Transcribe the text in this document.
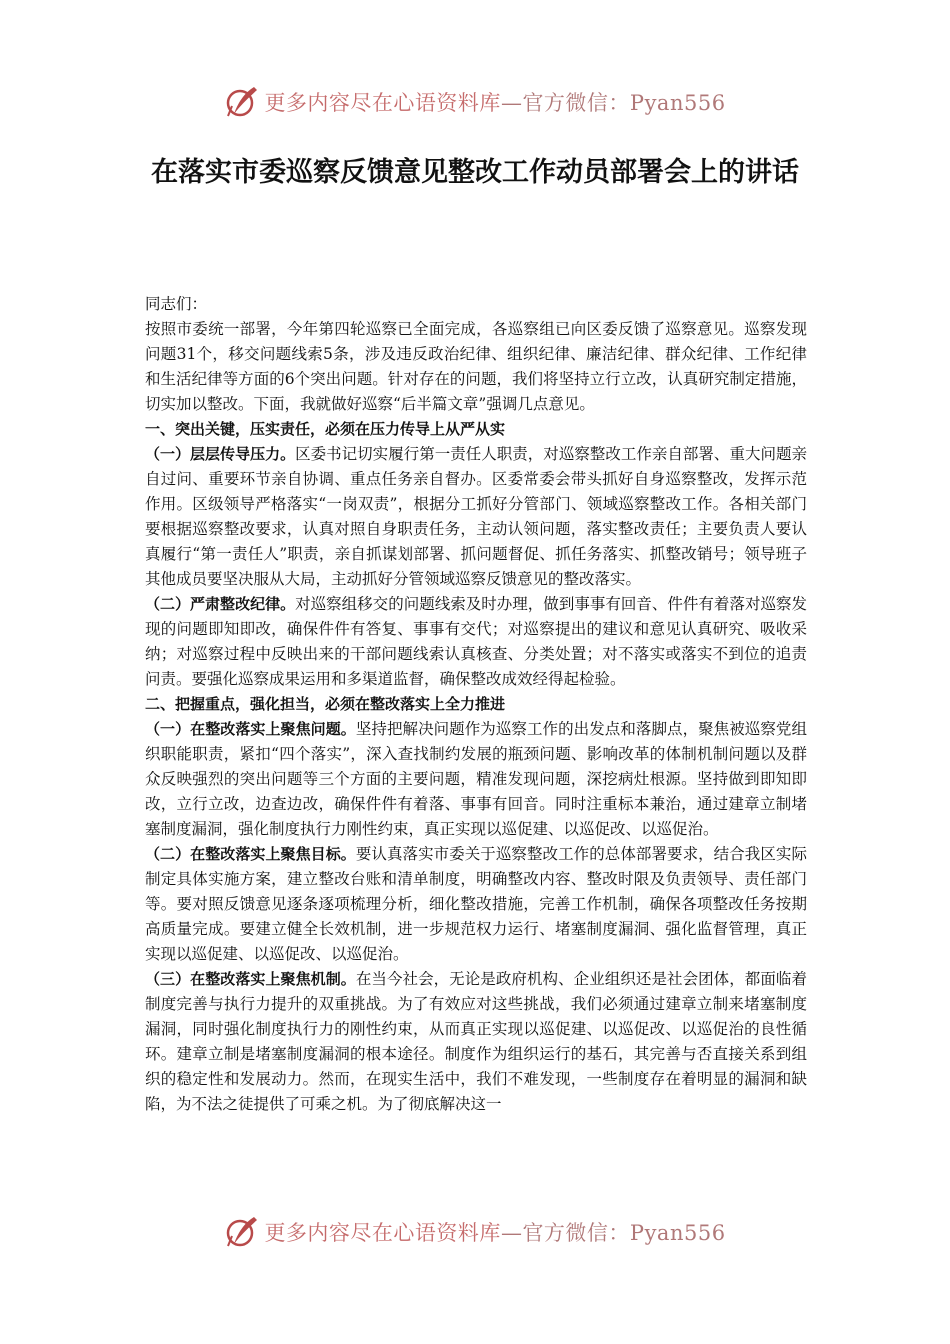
更多内容尽在心语资料库—官方微信：Pyan556
在落实市委巡察反馈意见整改工作动员部署会上的讲话

同志们：

按照市委统一部署，今年第四轮巡察已全面完成，各巡察组已向区委反馈了巡察意见。巡察发现问题31个，移交问题线索5条，涉及违反政治纪律、组织纪律、廉洁纪律、群众纪律、工作纪律和生活纪律等方面的6个突出问题。针对存在的问题，我们将坚持立行立改，认真研究制定措施，切实加以整改。下面，我就做好巡察“后半篇文章”强调几点意见。

一、突出关键，压实责任，必须在压力传导上从严从实

（一）层层传导压力。区委书记切实履行第一责任人职责，对巡察整改工作亲自部署、重大问题亲自过问、重要环节亲自协调、重点任务亲自督办。区委常委会带头抓好自身巡察整改，发挥示范作用。区级领导严格落实“一岗双责”，根据分工抓好分管部门、领域巡察整改工作。各相关部门要根据巡察整改要求，认真对照自身职责任务，主动认领问题，落实整改责任；主要负责人要认真履行“第一责任人”职责，亲自抓谋划部署、抓问题督促、抓任务落实、抓整改销号；领导班子其他成员要坚决服从大局，主动抓好分管领域巡察反馈意见的整改落实。

（二）严肃整改纪律。对巡察组移交的问题线索及时办理，做到事事有回音、件件有着落对巡察发现的问题即知即改，确保件件有答复、事事有交代；对巡察提出的建议和意见认真研究、吸收采纳；对巡察过程中反映出来的干部问题线索认真核查、分类处置；对不落实或落实不到位的追责问责。要强化巡察成果运用和多渠道监督，确保整改成效经得起检验。

二、把握重点，强化担当，必须在整改落实上全力推进

（一）在整改落实上聚焦问题。坚持把解决问题作为巡察工作的出发点和落脚点，聚焦被巡察党组织职能职责，紧扣“四个落实”，深入查找制约发展的瓶颈问题、影响改革的体制机制问题以及群众反映强烈的突出问题等三个方面的主要问题，精准发现问题，深挖病灶根源。坚持做到即知即改，立行立改，边查边改，确保件件有着落、事事有回音。同时注重标本兼治，通过建章立制堵塞制度漏洞，强化制度执行力刚性约束，真正实现以巡促建、以巡促改、以巡促治。

（二）在整改落实上聚焦目标。要认真落实市委关于巡察整改工作的总体部署要求，结合我区实际制定具体实施方案，建立整改台账和清单制度，明确整改内容、整改时限及负责领导、责任部门等。要对照反馈意见逐条逐项梳理分析，细化整改措施，完善工作机制，确保各项整改任务按期高质量完成。要建立健全长效机制，进一步规范权力运行、堵塞制度漏洞、强化监督管理，真正实现以巡促建、以巡促改、以巡促治。

（三）在整改落实上聚焦机制。在当今社会，无论是政府机构、企业组织还是社会团体，都面临着制度完善与执行力提升的双重挑战。为了有效应对这些挑战，我们必须通过建章立制来堵塞制度漏洞，同时强化制度执行力的刚性约束，从而真正实现以巡促建、以巡促改、以巡促治的良性循环。建章立制是堵塞制度漏洞的根本途径。制度作为组织运行的基石，其完善与否直接关系到组织的稳定性和发展动力。然而，在现实生活中，我们不难发现，一些制度存在着明显的漏洞和缺陷，为不法之徒提供了可乘之机。为了彻底解决这一

更多内容尽在心语资料库—官方微信：Pyan556
